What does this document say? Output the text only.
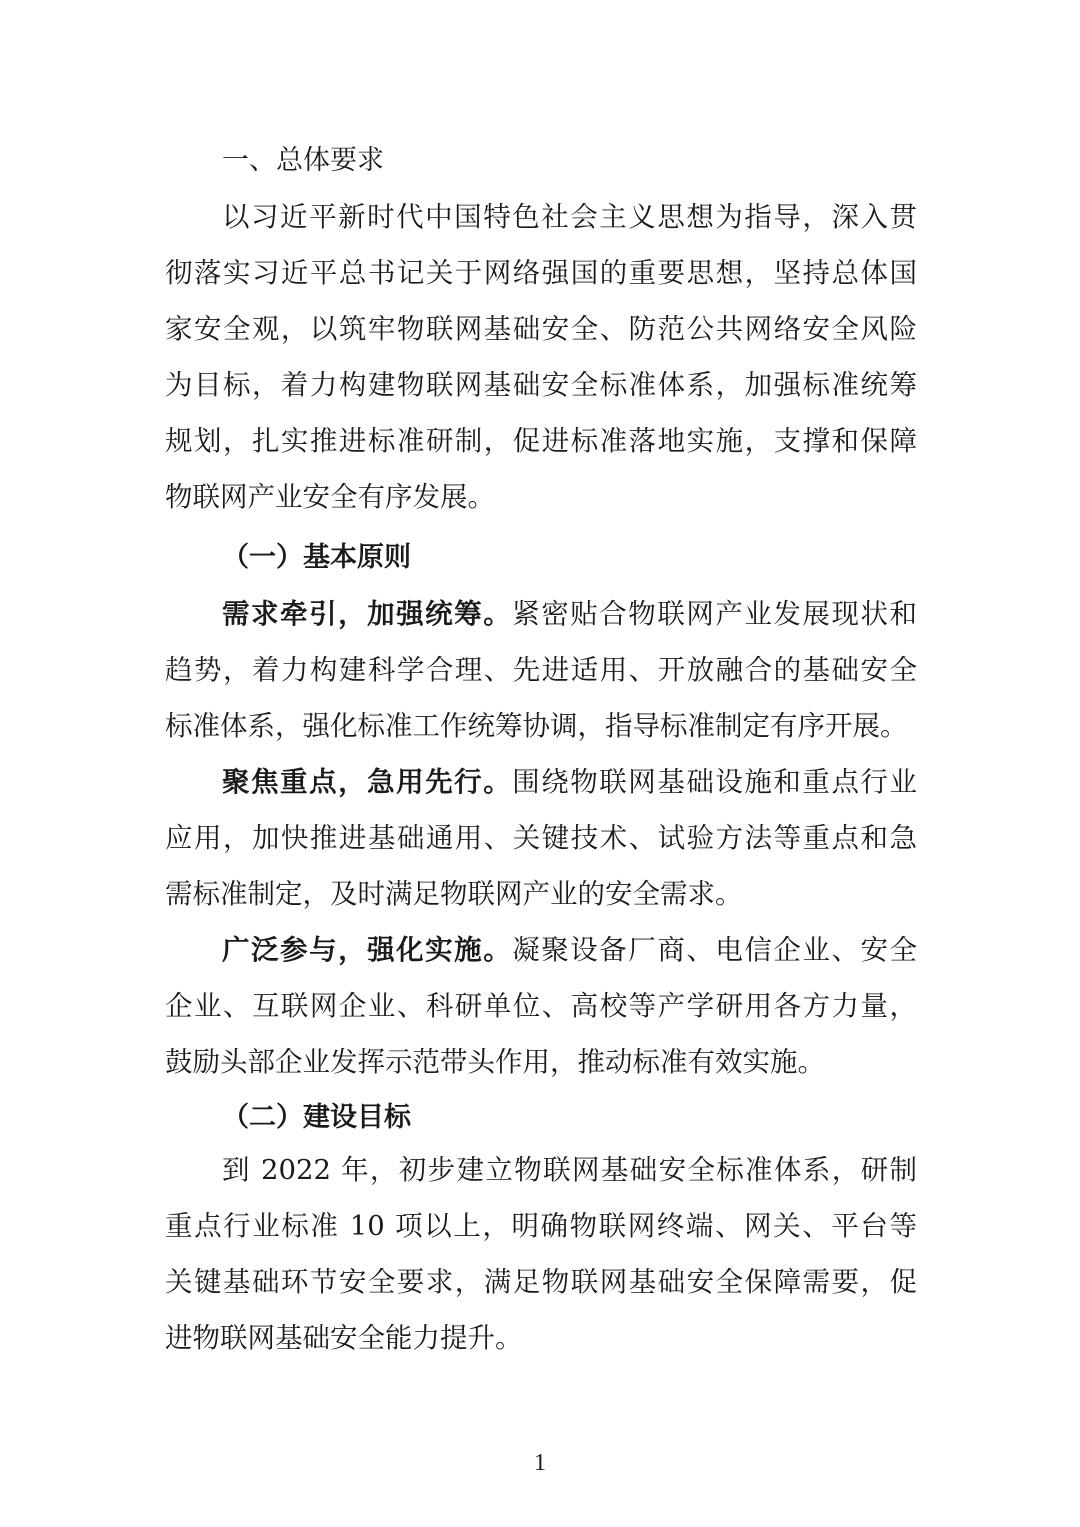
一、总体要求
以习近平新时代中国特色社会主义思想为指导，深入贯
彻落实习近平总书记关于网络强国的重要思想，坚持总体国
家安全观，以筑牢物联网基础安全、防范公共网络安全风险
为目标，着力构建物联网基础安全标准体系，加强标准统筹
规划，扎实推进标准研制，促进标准落地实施，支撑和保障
物联网产业安全有序发展。
（一）基本原则
需求牵引，加强统筹。紧密贴合物联网产业发展现状和
趋势，着力构建科学合理、先进适用、开放融合的基础安全
标准体系，强化标准工作统筹协调，指导标准制定有序开展。
聚焦重点，急用先行。围绕物联网基础设施和重点行业
应用，加快推进基础通用、关键技术、试验方法等重点和急
需标准制定，及时满足物联网产业的安全需求。
广泛参与，强化实施。凝聚设备厂商、电信企业、安全
企业、互联网企业、科研单位、高校等产学研用各方力量，
鼓励头部企业发挥示范带头作用，推动标准有效实施。
（二）建设目标
到 2022 年，初步建立物联网基础安全标准体系，研制
重点行业标准 10 项以上，明确物联网终端、网关、平台等
关键基础环节安全要求，满足物联网基础安全保障需要，促
进物联网基础安全能力提升。
1
